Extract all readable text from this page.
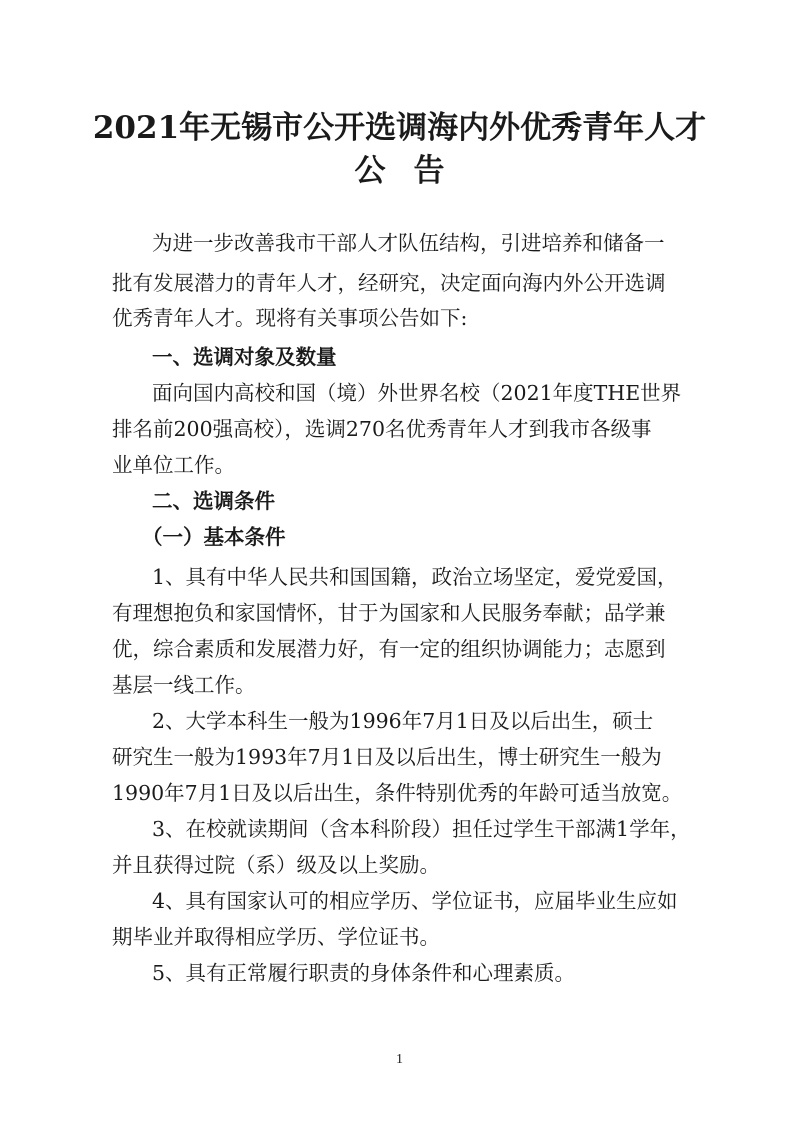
2021年无锡市公开选调海内外优秀青年人才
公告
为进一步改善我市干部人才队伍结构，引进培养和储备一
批有发展潜力的青年人才，经研究，决定面向海内外公开选调
优秀青年人才。现将有关事项公告如下:
一、选调对象及数量
面向国内高校和国（境）外世界名校（2021年度THE世界
排名前200强高校），选调270名优秀青年人才到我市各级事
业单位工作。
二、选调条件
（一）基本条件
1、具有中华人民共和国国籍，政治立场坚定，爱党爱国，
有理想抱负和家国情怀，甘于为国家和人民服务奉献；品学兼
优，综合素质和发展潜力好，有一定的组织协调能力；志愿到
基层一线工作。
2、大学本科生一般为1996年7月1日及以后出生，硕士
研究生一般为1993年7月1日及以后出生，博士研究生一般为
1990年7月1日及以后出生，条件特别优秀的年龄可适当放宽。
3、在校就读期间（含本科阶段）担任过学生干部满1学年，
并且获得过院（系）级及以上奖励。
4、具有国家认可的相应学历、学位证书，应届毕业生应如
期毕业并取得相应学历、学位证书。
5、具有正常履行职责的身体条件和心理素质。
1
